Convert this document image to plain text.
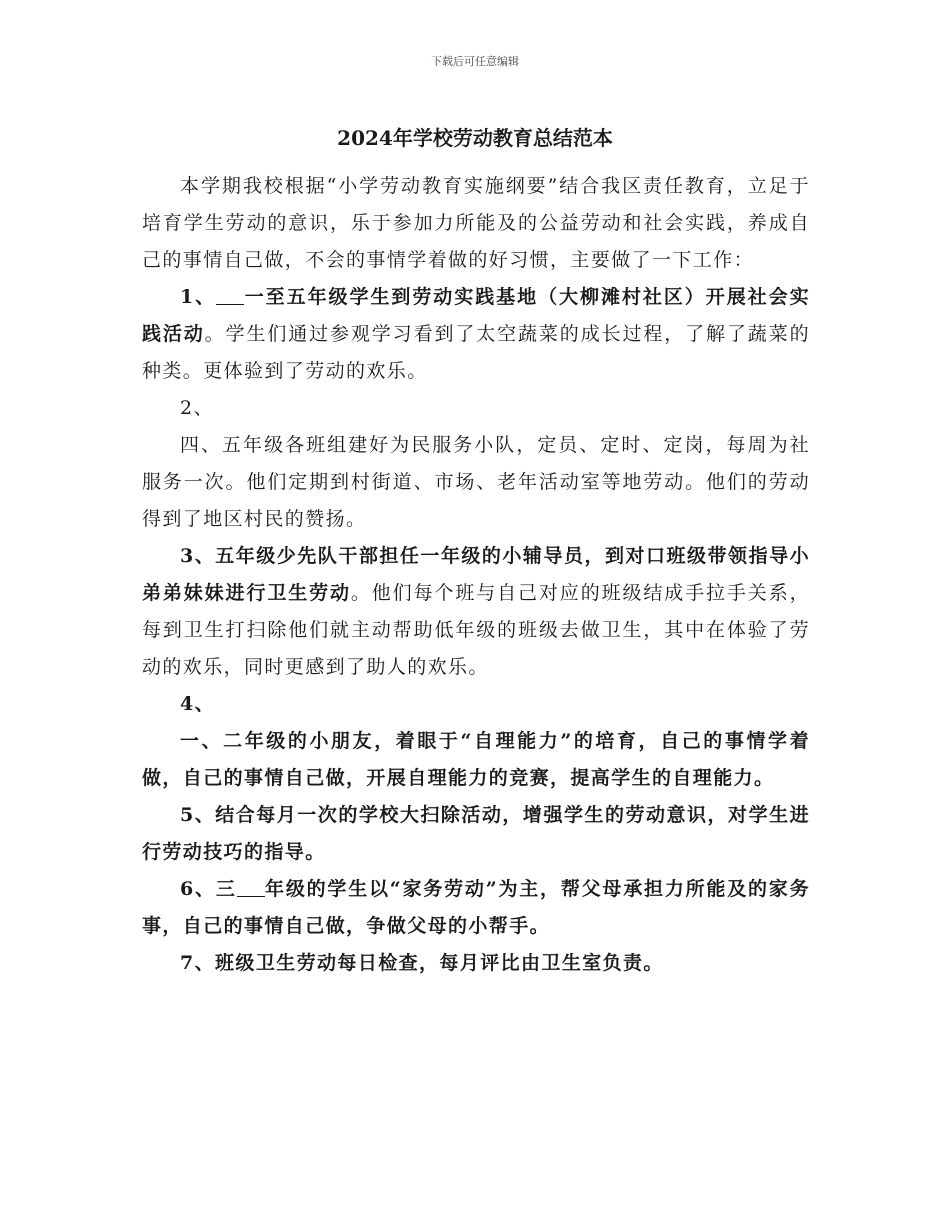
下载后可任意编辑
2024年学校劳动教育总结范本

本学期我校根据“小学劳动教育实施纲要”结合我区责任教育，立足于培育学生劳动的意识，乐于参加力所能及的公益劳动和社会实践，养成自己的事情自己做，不会的事情学着做的好习惯，主要做了一下工作：

1、 一至五年级学生到劳动实践基地（大柳滩村社区）开展社会实践活动。学生们通过参观学习看到了太空蔬菜的成长过程，了解了蔬菜的种类。更体验到了劳动的欢乐。

2、

四、五年级各班组建好为民服务小队，定员、定时、定岗，每周为社服务一次。他们定期到村街道、市场、老年活动室等地劳动。他们的劳动得到了地区村民的赞扬。

3、五年级少先队干部担任一年级的小辅导员，到对口班级带领指导小弟弟妹妹进行卫生劳动。他们每个班与自己对应的班级结成手拉手关系，每到卫生打扫除他们就主动帮助低年级的班级去做卫生，其中在体验了劳动的欢乐，同时更感到了助人的欢乐。

4、

一、二年级的小朋友，着眼于“自理能力”的培育，自己的事情学着做，自己的事情自己做，开展自理能力的竞赛，提高学生的自理能力。

5、结合每月一次的学校大扫除活动，增强学生的劳动意识，对学生进行劳动技巧的指导。

6、三 年级的学生以“家务劳动”为主，帮父母承担力所能及的家务事，自己的事情自己做，争做父母的小帮手。

7、班级卫生劳动每日检查，每月评比由卫生室负责。
